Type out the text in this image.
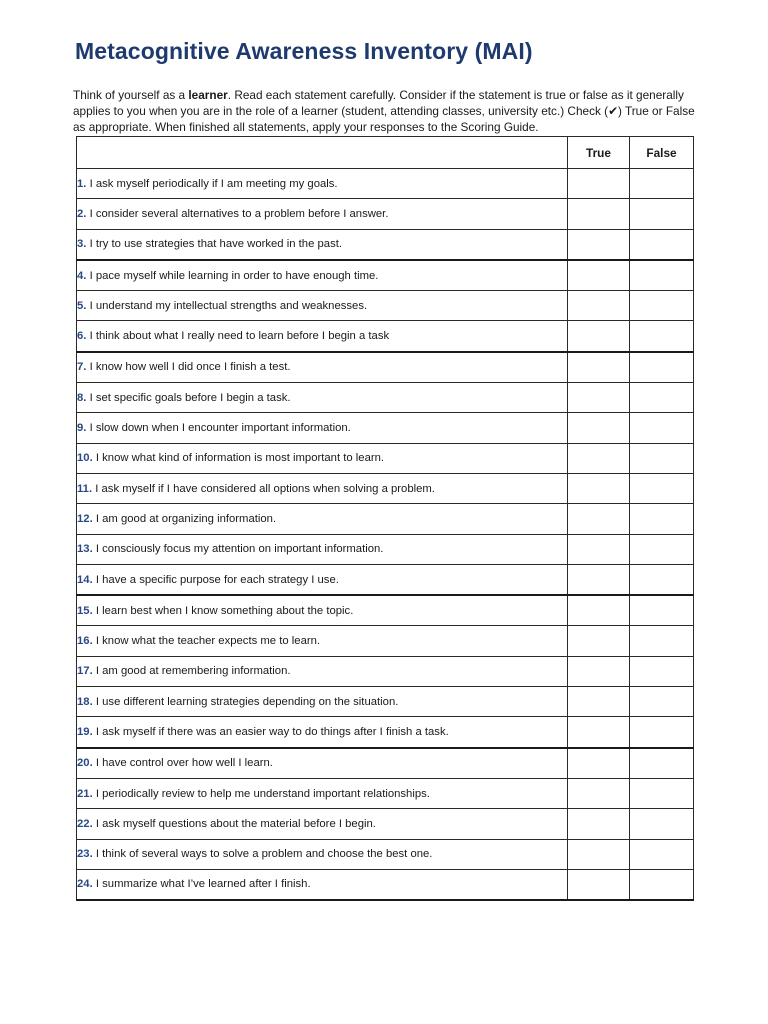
Metacognitive Awareness Inventory (MAI)

Think of yourself as a learner. Read each statement carefully. Consider if the statement is true or false as it generally applies to you when you are in the role of a learner (student, attending classes, university etc.) Check (✔) True or False as appropriate. When finished all statements, apply your responses to the Scoring Guide.

	True	False
1. I ask myself periodically if I am meeting my goals.		
2. I consider several alternatives to a problem before I answer.		
3. I try to use strategies that have worked in the past.		
4. I pace myself while learning in order to have enough time.		
5. I understand my intellectual strengths and weaknesses.		
6. I think about what I really need to learn before I begin a task		
7. I know how well I did once I finish a test.		
8. I set specific goals before I begin a task.		
9. I slow down when I encounter important information.		
10. I know what kind of information is most important to learn.		
11. I ask myself if I have considered all options when solving a problem.		
12. I am good at organizing information.		
13. I consciously focus my attention on important information.		
14. I have a specific purpose for each strategy I use.		
15. I learn best when I know something about the topic.		
16. I know what the teacher expects me to learn.		
17. I am good at remembering information.		
18. I use different learning strategies depending on the situation.		
19. I ask myself if there was an easier way to do things after I finish a task.		
20. I have control over how well I learn.		
21. I periodically review to help me understand important relationships.		
22. I ask myself questions about the material before I begin.		
23. I think of several ways to solve a problem and choose the best one.		
24. I summarize what I’ve learned after I finish.		
